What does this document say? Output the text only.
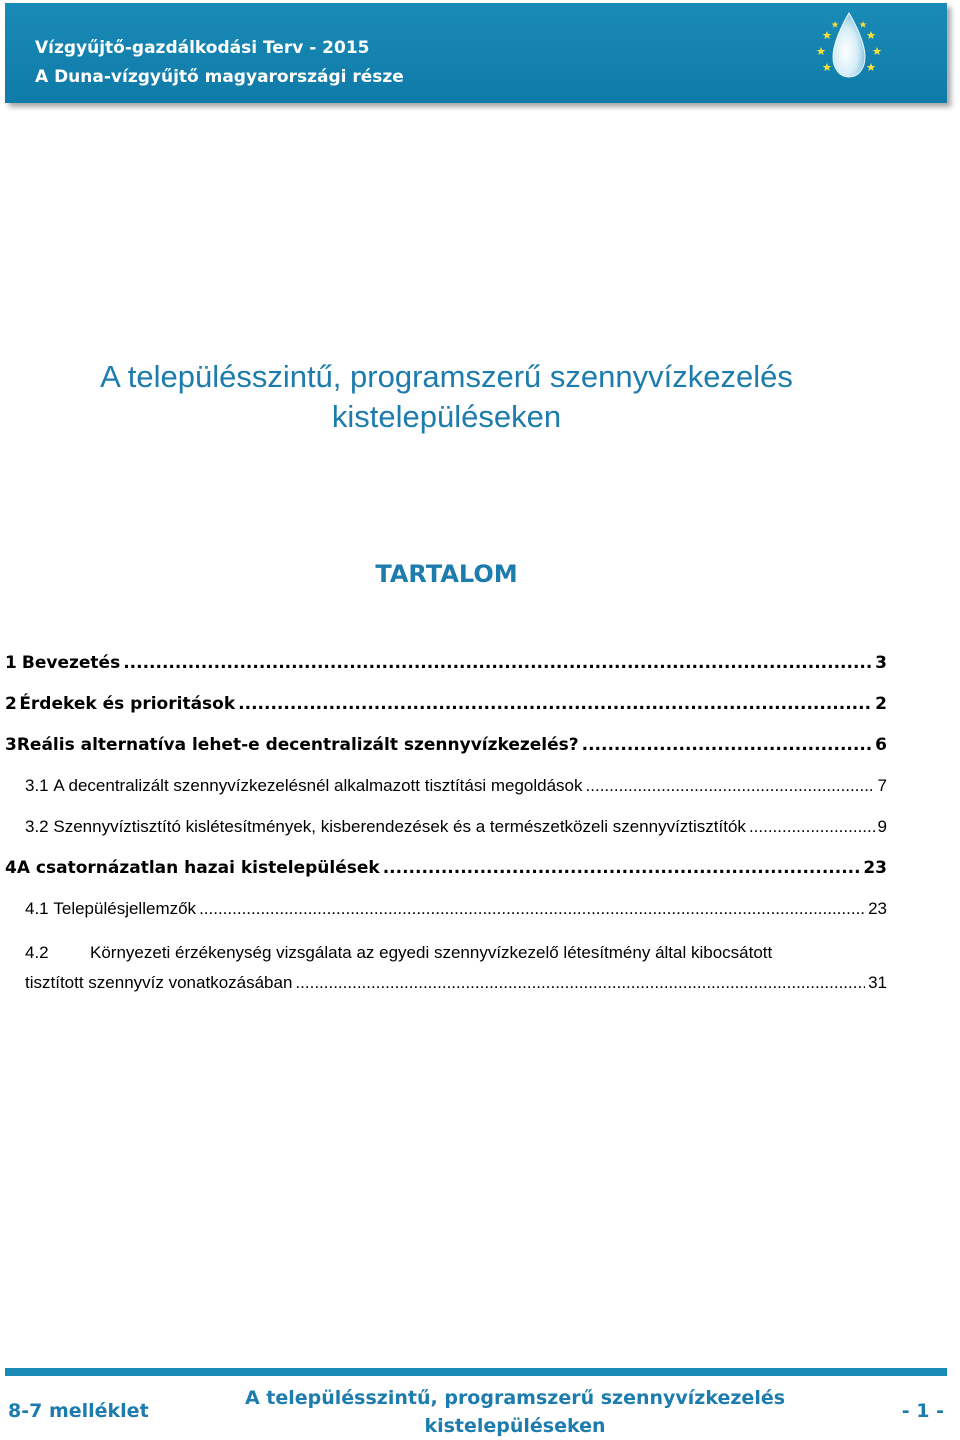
Vízgyűjtő-gazdálkodási Terv - 2015
A Duna-vízgyűjtő magyarországi része
A településszintű, programszerű szennyvízkezelés
kistelepüléseken
TARTALOM
1 Bevezetés .....	3
2 Érdekek és prioritások .....	2
3 Reális alternatíva lehet-e decentralizált szennyvízkezelés? .....	6
3.1
A decentralizált szennyvízkezelésnél alkalmazott tisztítási megoldások .....	7
3.2
Szennyvíztisztító kislétesítmények, kisberendezések és a természetközeli szennyvíztisztítók .....	9
4 A csatornázatlan hazai kistelepülések .....	23
4.1
Településjellemzők .....	23
4.2	Környezeti érzékenység vizsgálata az egyedi szennyvízkezelő létesítmény által kibocsátott
tisztított szennyvíz vonatkozásában .....	31
8-7 melléklet
A településszintű, programszerű szennyvízkezelés
kistelepüléseken
- 1 -
